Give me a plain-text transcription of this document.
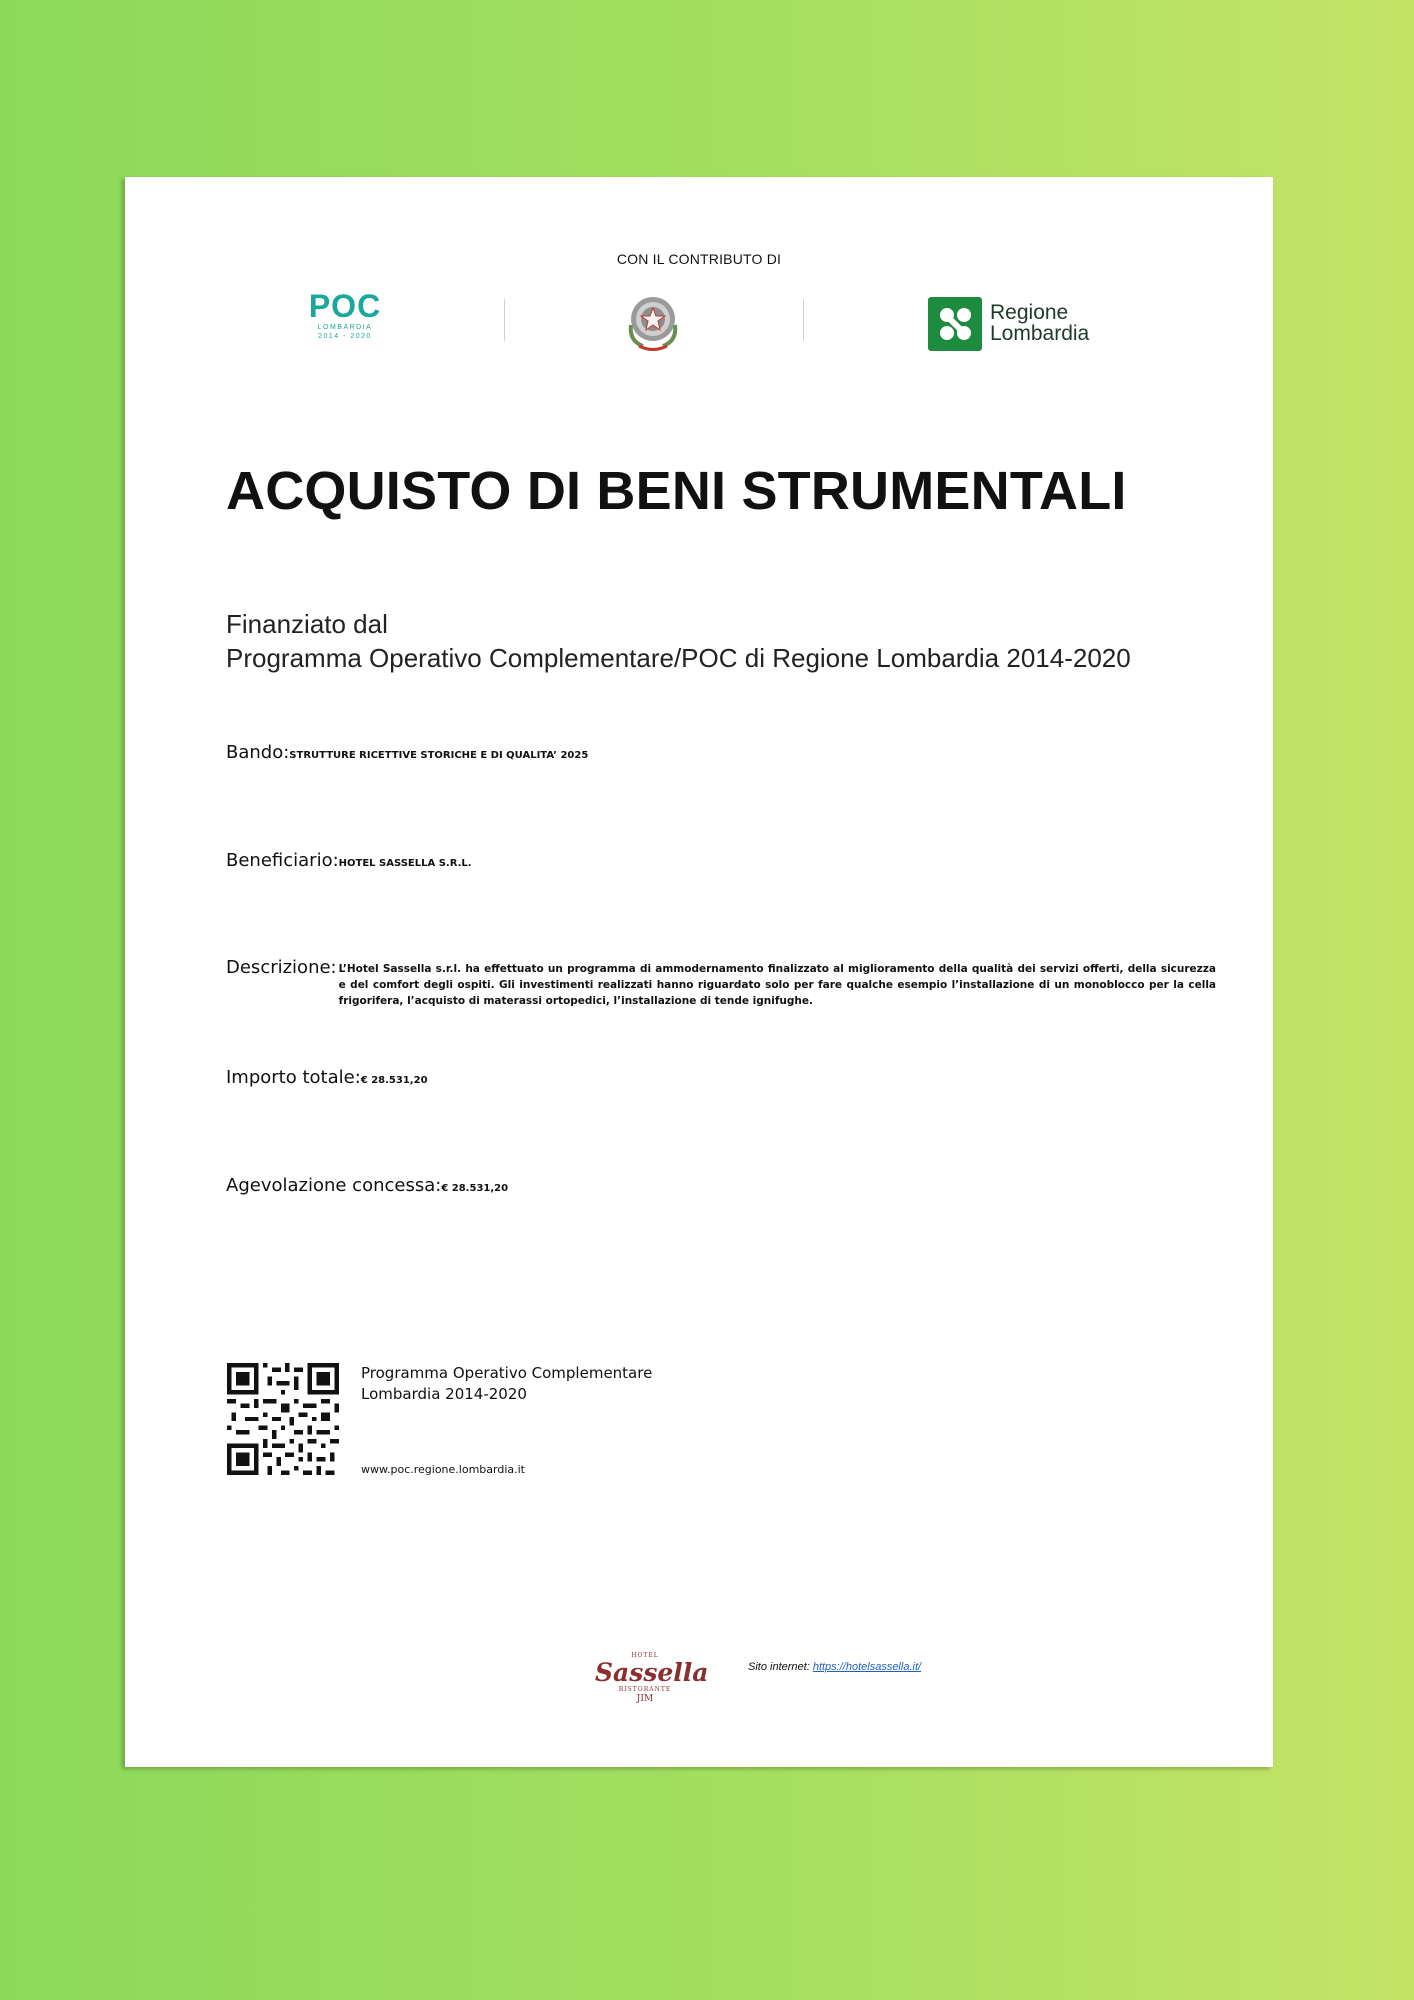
CON IL CONTRIBUTO DI
POC
LOMBARDIA
2014 - 2020
Regione
Lombardia
ACQUISTO DI BENI STRUMENTALI
Finanziato dal
Programma Operativo Complementare/POC di Regione Lombardia 2014-2020
Bando:STRUTTURE RICETTIVE STORICHE E DI QUALITA’ 2025
Beneficiario:HOTEL SASSELLA S.R.L.
Descrizione: L’Hotel Sassella s.r.l. ha effettuato un programma di ammodernamento finalizzato al miglioramento della qualità dei servizi offerti, della sicurezza e del comfort degli ospiti. Gli investimenti realizzati hanno riguardato solo per fare qualche esempio l’installazione di un monoblocco per la cella frigorifera, l’acquisto di materassi ortopedici, l’installazione di tende ignifughe.
Importo totale:€ 28.531,20
Agevolazione concessa:€ 28.531,20
Programma Operativo Complementare
Lombardia 2014-2020
www.poc.regione.lombardia.it
HOTEL
Sassella
RISTORANTE
JIM
Sito internet: https://hotelsassella.it/
